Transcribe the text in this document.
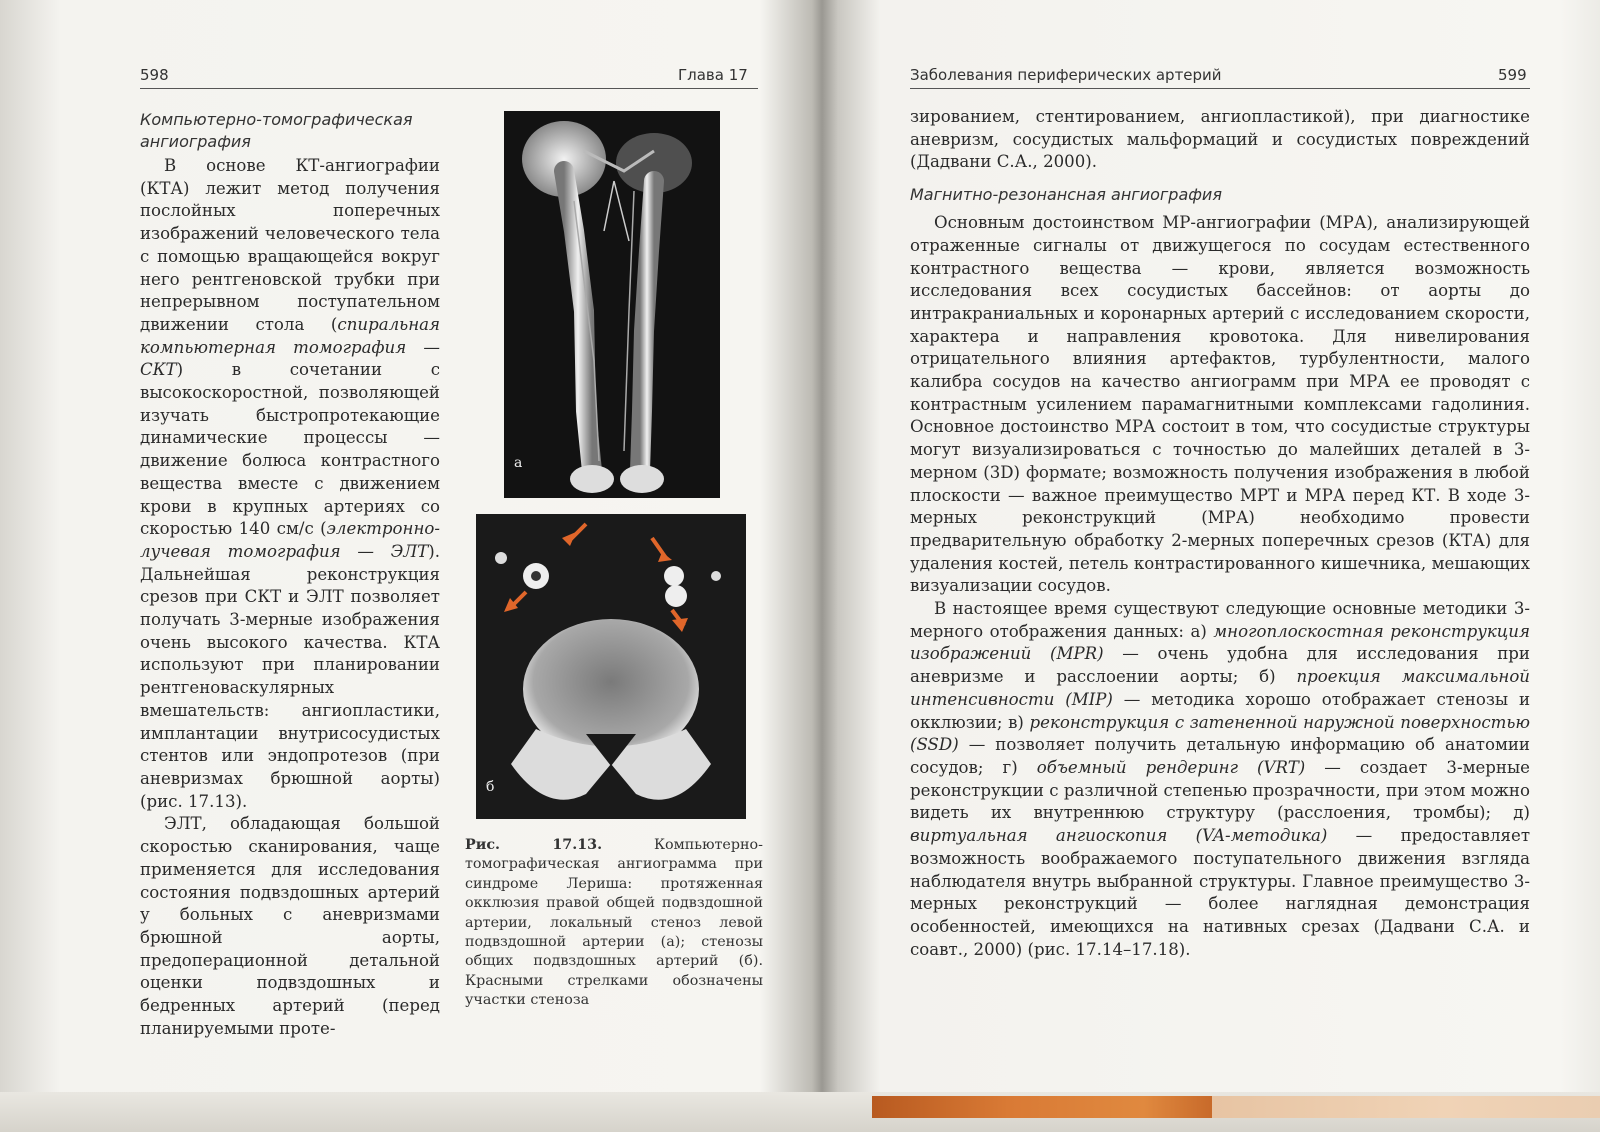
598	Глава 17
Компьютерно-томографическая ангиография

В основе КТ-ангиографии (КТА) лежит метод получения послойных поперечных изображений человеческого тела с помощью вращающейся вокруг него рентгеновской трубки при непрерывном поступательном движении стола (спиральная компьютерная томография — СКТ) в сочетании с высокоскоростной, позволяющей изучать быстропротекающие динамические процессы — движение болюса контрастного вещества вместе с движением крови в крупных артериях со скоростью 140 см/с (электронно-лучевая томография — ЭЛТ). Дальнейшая реконструкция срезов при СКТ и ЭЛТ позволяет получать 3-мерные изображения очень высокого качества. КТА используют при планировании рентгеноваскулярных вмешательств: ангиопластики, имплантации внутрисосудистых стентов или эндопротезов (при аневризмах брюшной аорты) (рис. 17.13).

ЭЛТ, обладающая большой скоростью сканирования, чаще применяется для исследования состояния подвздошных артерий у больных с аневризмами брюшной аорты, предоперационной детальной оценки подвздошных и бедренных артерий (перед планируемыми проте-

а
б
Рис. 17.13. Компьютерно-томографическая ангиограмма при синдроме Лериша: протяженная окклюзия правой общей подвздошной артерии, локальный стеноз левой подвздошной артерии (а); стенозы общих подвздошных артерий (б). Красными стрелками обозначены участки стеноза
Заболевания периферических артерий	599

зированием, стентированием, ангиопластикой), при диагностике аневризм, сосудистых мальформаций и сосудистых повреждений (Дадвани С.А., 2000).

Магнитно-резонансная ангиография

Основным достоинством МР-ангиографии (МРА), анализирующей отраженные сигналы от движущегося по сосудам естественного контрастного вещества — крови, является возможность исследования всех сосудистых бассейнов: от аорты до интракраниальных и коронарных артерий с исследованием скорости, характера и направления кровотока. Для нивелирования отрицательного влияния артефактов, турбулентности, малого калибра сосудов на качество ангиограмм при МРА ее проводят с контрастным усилением парамагнитными комплексами гадолиния. Основное достоинство МРА состоит в том, что сосудистые структуры могут визуализироваться с точностью до малейших деталей в 3-мерном (3D) формате; возможность получения изображения в любой плоскости — важное преимущество МРТ и МРА перед КТ. В ходе 3-мерных реконструкций (МРА) необходимо провести предварительную обработку 2-мерных поперечных срезов (КТА) для удаления костей, петель контрастированного кишечника, мешающих визуализации сосудов.

В настоящее время существуют следующие основные методики 3-мерного отображения данных: а) многоплоскостная реконструкция изображений (MPR) — очень удобна для исследования при аневризме и расслоении аорты; б) проекция максимальной интенсивности (MIP) — методика хорошо отображает стенозы и окклюзии; в) реконструкция с затененной наружной поверхностью (SSD) — позволяет получить детальную информацию об анатомии сосудов; г) объемный рендеринг (VRT) — создает 3-мерные реконструкции с различной степенью прозрачности, при этом можно видеть их внутреннюю структуру (расслоения, тромбы); д) виртуальная ангиоскопия (VA-методика) — предоставляет возможность воображаемого поступательного движения взгляда наблюдателя внутрь выбранной структуры. Главное преимущество 3-мерных реконструкций — более наглядная демонстрация особенностей, имеющихся на нативных срезах (Дадвани С.А. и соавт., 2000) (рис. 17.14–17.18).
